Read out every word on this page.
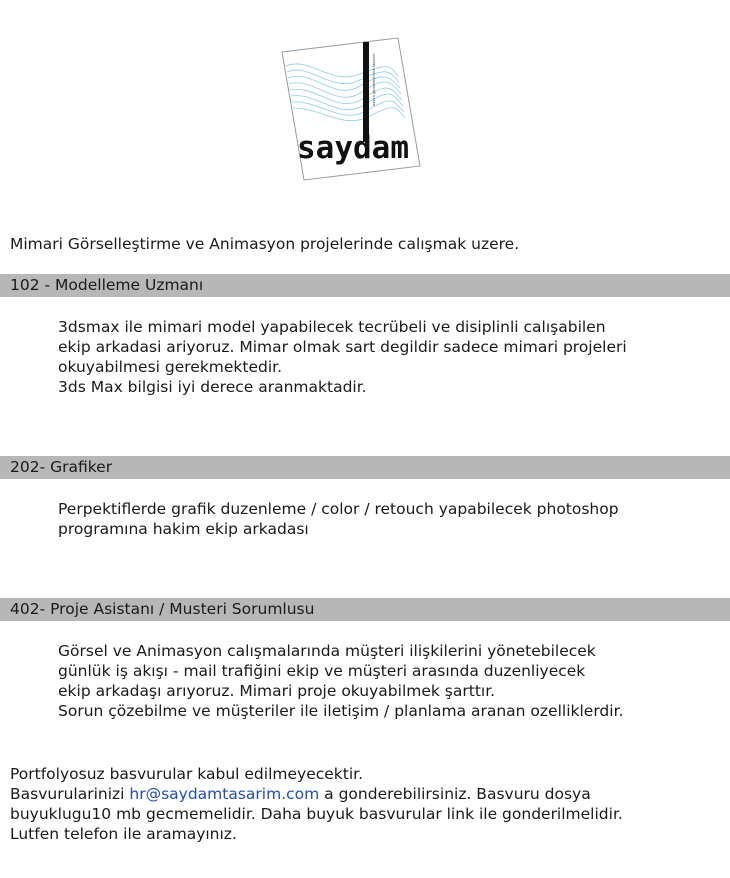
basım görselleştirme tasarım
saydam
Mimari Görselleştirme ve Animasyon projelerinde calışmak uzere.
102 - Modelleme Uzmanı
3dsmax ile mimari model yapabilecek tecrübeli ve disiplinli calışabilen
ekip arkadasi ariyoruz. Mimar olmak sart degildir sadece mimari projeleri
okuyabilmesi gerekmektedir.
3ds Max bilgisi iyi derece aranmaktadir.
202- Grafiker
Perpektiflerde grafik duzenleme / color / retouch yapabilecek photoshop
programına hakim ekip arkadası
402- Proje Asistanı / Musteri Sorumlusu
Görsel ve Animasyon calışmalarında müşteri ilişkilerini yönetebilecek
günlük iş akışı - mail trafiğini ekip ve müşteri arasında duzenliyecek
ekip arkadaşı arıyoruz. Mimari proje okuyabilmek şarttır.
Sorun çözebilme ve müşteriler ile iletişim / planlama aranan ozelliklerdir.
Portfolyosuz basvurular kabul edilmeyecektir.
Basvurularinizi hr@saydamtasarim.com a gonderebilirsiniz. Basvuru dosya
buyuklugu10 mb gecmemelidir. Daha buyuk basvurular link ile gonderilmelidir.
Lutfen telefon ile aramayınız.
